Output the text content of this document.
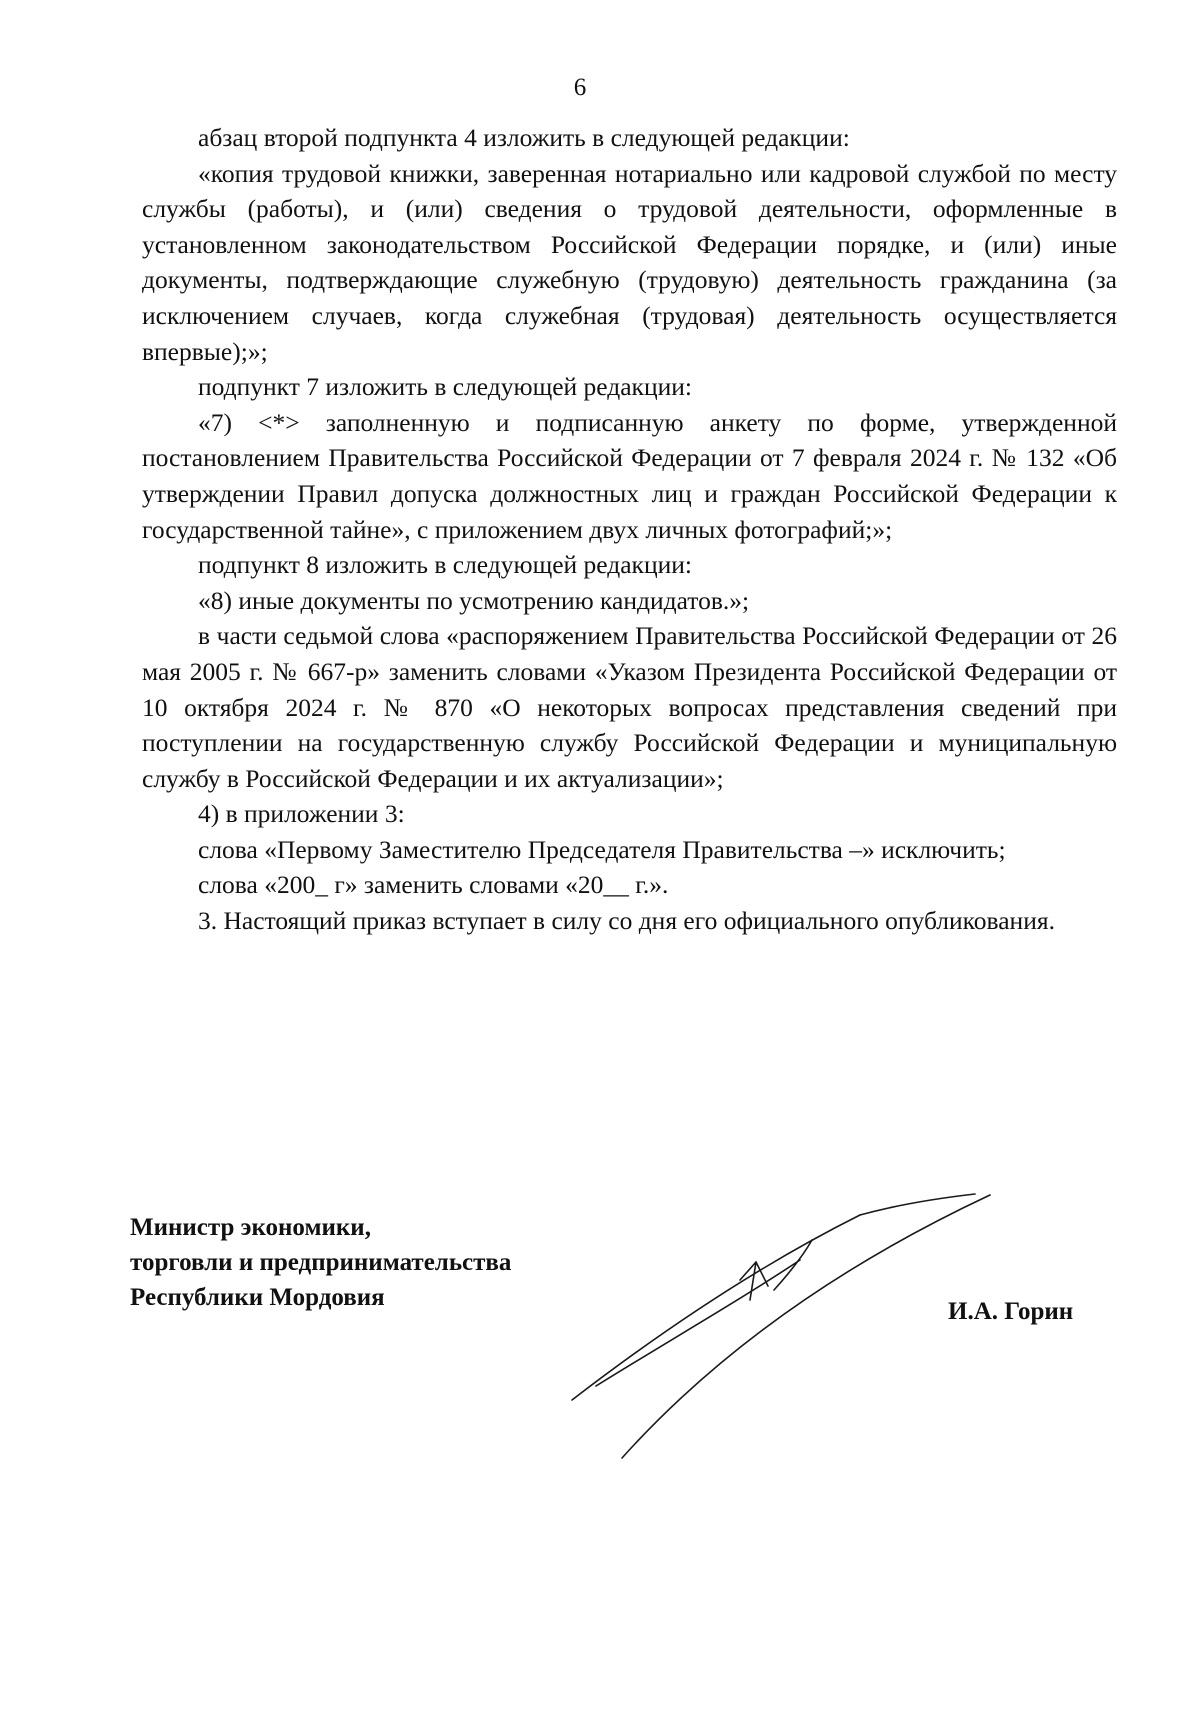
6

абзац второй подпункта 4 изложить в следующей редакции:

«копия трудовой книжки, заверенная нотариально или кадровой службой по месту службы (работы), и (или) сведения о трудовой деятельности, оформленные в установленном законодательством Российской Федерации порядке, и (или) иные документы, подтверждающие служебную (трудовую) деятельность гражданина (за исключением случаев, когда служебная (трудовая) деятельность осуществляется впервые);»;

подпункт 7 изложить в следующей редакции:

«7) <*> заполненную и подписанную анкету по форме, утвержденной постановлением Правительства Российской Федерации от 7 февраля 2024 г. № 132 «Об утверждении Правил допуска должностных лиц и граждан Российской Федерации к государственной тайне», с приложением двух личных фотографий;»;

подпункт 8 изложить в следующей редакции:

«8) иные документы по усмотрению кандидатов.»;

в части седьмой слова «распоряжением Правительства Российской Федерации от 26 мая 2005 г. № 667-р» заменить словами «Указом Президента Российской Федерации от 10 октября 2024 г. № 870 «О некоторых вопросах представления сведений при поступлении на государственную службу Российской Федерации и муниципальную службу в Российской Федерации и их актуализации»;

4) в приложении 3:

слова «Первому Заместителю Председателя Правительства –» исключить;

слова «200_ г» заменить словами «20__ г.».

3. Настоящий приказ вступает в силу со дня его официального опубликования.

Министр экономики,
торговли и предпринимательства
Республики Мордовия
И.А. Горин
